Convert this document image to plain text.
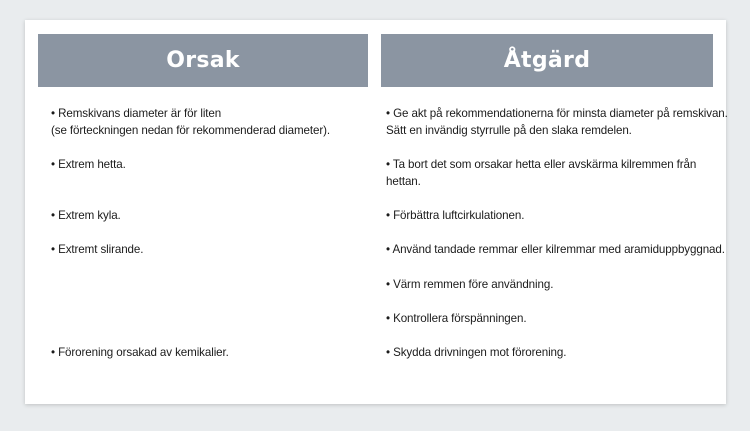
Orsak	Åtgärd
• Remskivans diameter är för liten
(se förteckningen nedan för rekommenderad diameter).
• Extrem hetta.
• Extrem kyla.
• Extremt slirande.
• Förorening orsakad av kemikalier.
• Ge akt på rekommendationerna för minsta diameter på remskivan.
Sätt en invändig styrrulle på den slaka remdelen.
• Ta bort det som orsakar hetta eller avskärma kilremmen från
hettan.
• Förbättra luftcirkulationen.
• Använd tandade remmar eller kilremmar med aramiduppbyggnad.
• Värm remmen före användning.
• Kontrollera förspänningen.
• Skydda drivningen mot förorening.
